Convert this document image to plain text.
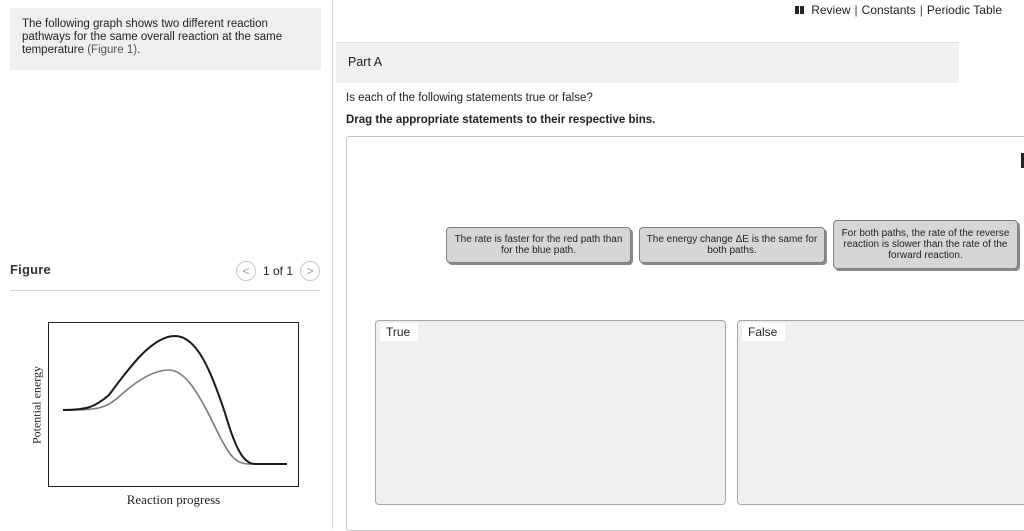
The following graph shows two different reaction pathways for the same overall reaction at the same temperature (Figure 1).
Figure	< 1 of 1 >
Potential energy
Reaction progress
Review | Constants | Periodic Table
Part A
Is each of the following statements true or false?
Drag the appropriate statements to their respective bins.
The rate is faster for the red path than for the blue path.
The energy change ΔE is the same for both paths.
For both paths, the rate of the reverse reaction is slower than the rate of the forward reaction.
True	False
